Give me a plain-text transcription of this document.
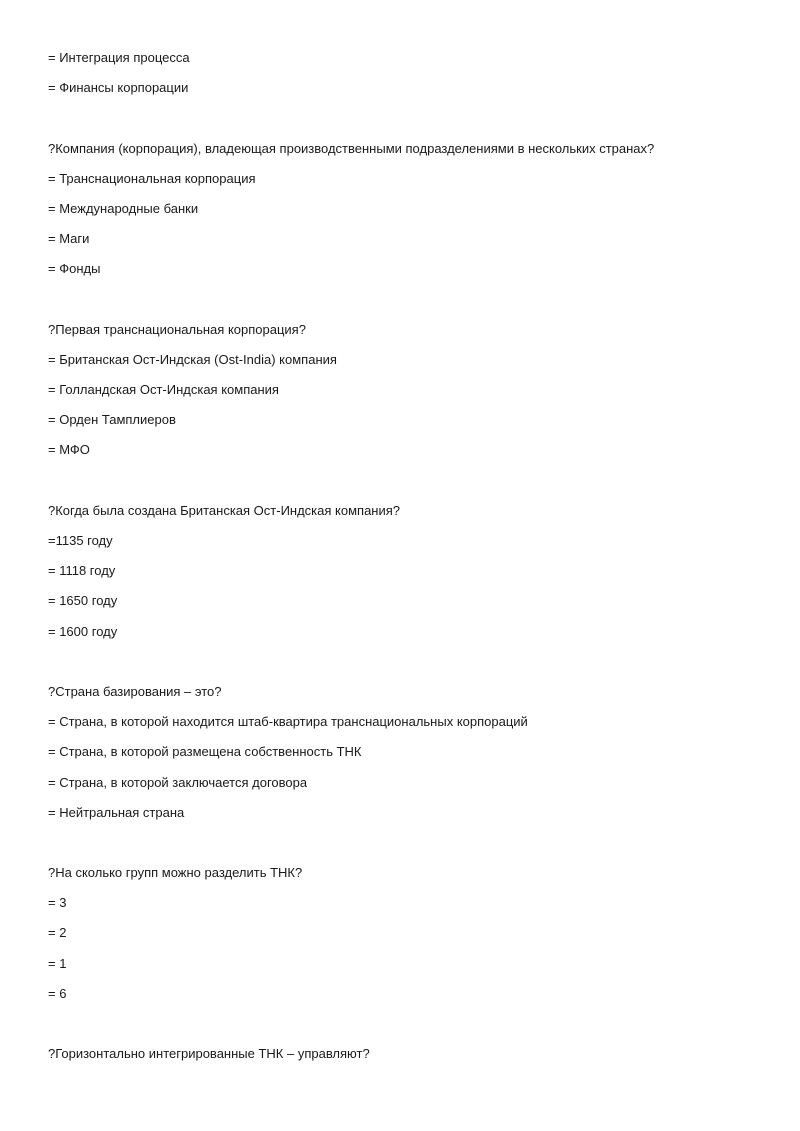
= Интеграция процесса

= Финансы корпорации

?Компания (корпорация), владеющая производственными подразделениями в нескольких странах?

= Транснациональная корпорация

= Международные банки

= Маги

= Фонды

?Первая транснациональная корпорация?

= Британская Ост-Индская (Ost-India) компания

= Голландская Ост-Индская компания

= Орден Тамплиеров

= МФО

?Когда была создана Британская Ост-Индская компания?

=1135 году

= 1118 году

= 1650 году

= 1600 году

?Страна базирования – это?

= Страна, в которой находится штаб-квартира транснациональных корпораций

= Страна, в которой размещена собственность ТНК

= Страна, в которой заключается договора

= Нейтральная страна

?На сколько групп можно разделить ТНК?

= 3

= 2

= 1

= 6

?Горизонтально интегрированные ТНК – управляют?
